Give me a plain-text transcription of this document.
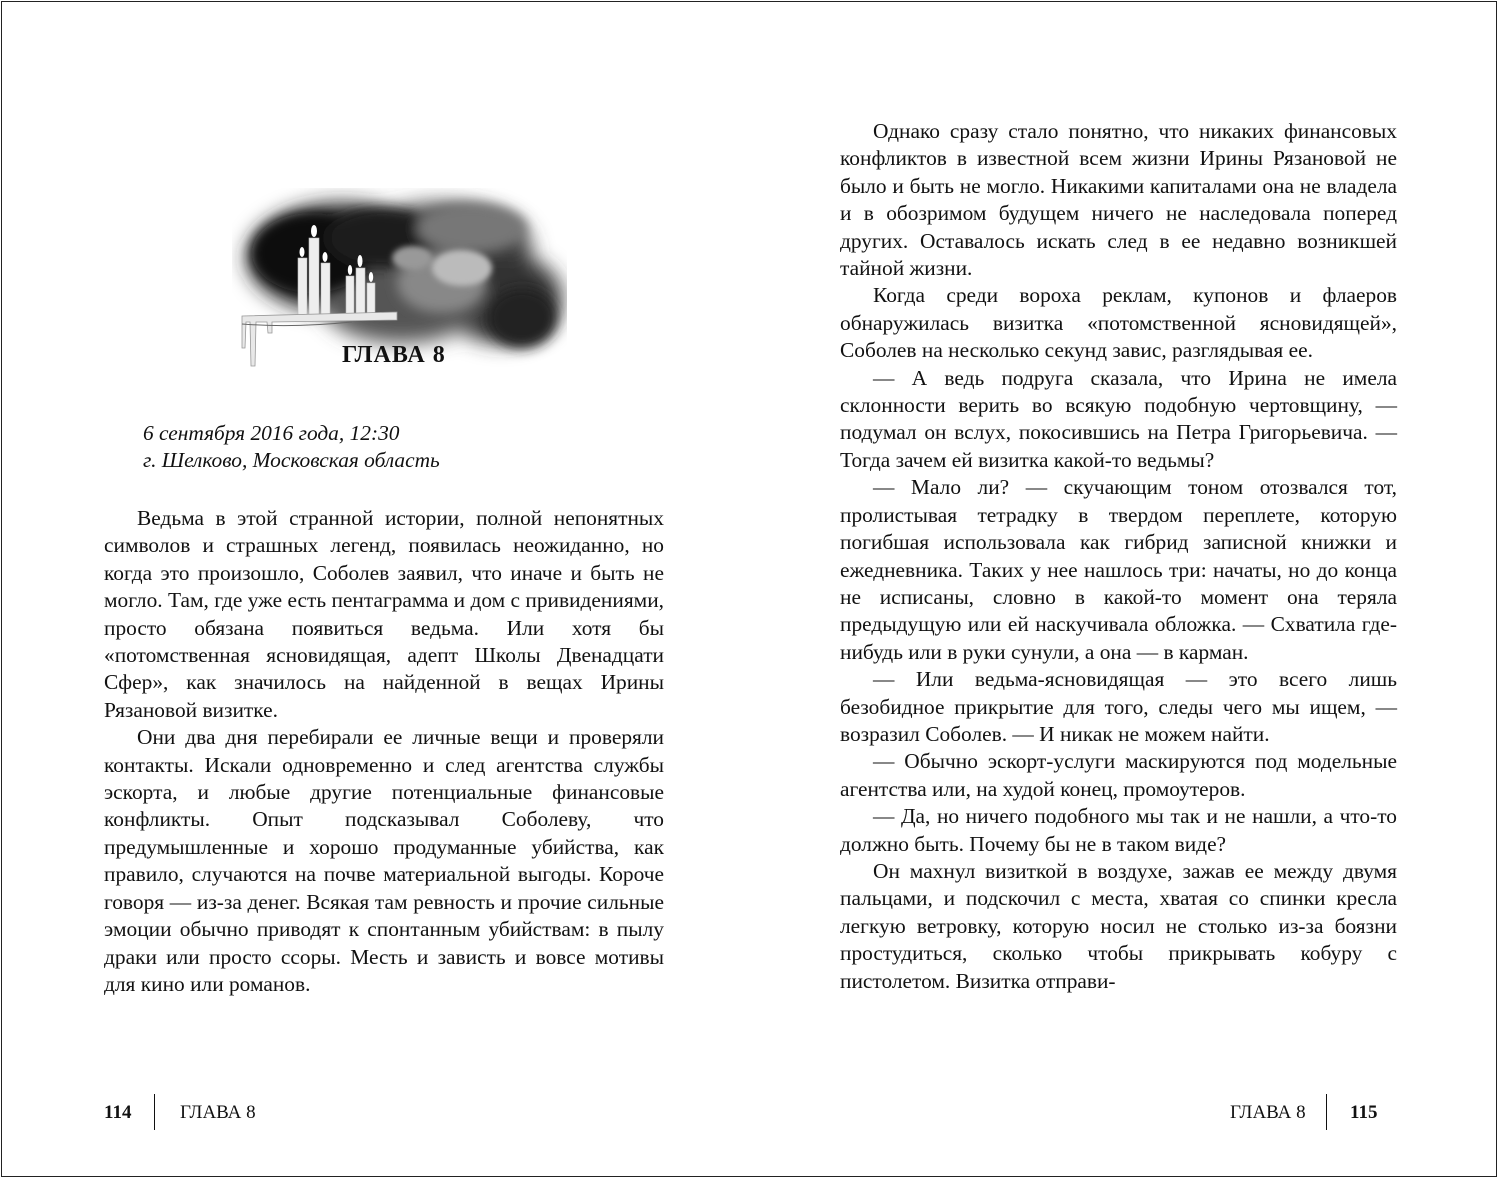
ГЛАВА 8
6 сентября 2016 года, 12:30
г. Шелково, Московская область

Ведьма в этой странной истории, полной непонятных символов и страшных легенд, появилась неожиданно, но когда это произошло, Соболев заявил, что иначе и быть не могло. Там, где уже есть пентаграмма и дом с привидениями, просто обязана появиться ведьма. Или хотя бы «потомственная ясновидящая, адепт Школы Двенадцати Сфер», как значилось на найденной в вещах Ирины Рязановой визитке.

Они два дня перебирали ее личные вещи и проверяли контакты. Искали одновременно и след агентства службы эскорта, и любые другие потенциальные финансовые конфликты. Опыт подсказывал Соболеву, что предумышленные и хорошо продуманные убийства, как правило, случаются на почве материальной выгоды. Короче говоря — из-за денег. Всякая там ревность и прочие сильные эмоции обычно приводят к спонтанным убийствам: в пылу драки или просто ссоры. Месть и зависть и вовсе мотивы для кино или романов.

114	ГЛАВА 8

Однако сразу стало понятно, что никаких финансовых конфликтов в известной всем жизни Ирины Рязановой не было и быть не могло. Никакими капиталами она не владела и в обозримом будущем ничего не наследовала поперед других. Оставалось искать след в ее недавно возникшей тайной жизни.

Когда среди вороха реклам, купонов и флаеров обнаружилась визитка «потомственной ясновидящей», Соболев на несколько секунд завис, разглядывая ее.

— А ведь подруга сказала, что Ирина не имела склонности верить во всякую подобную чертовщину, — подумал он вслух, покосившись на Петра Григорьевича. — Тогда зачем ей визитка какой-то ведьмы?

— Мало ли? — скучающим тоном отозвался тот, пролистывая тетрадку в твердом переплете, которую погибшая использовала как гибрид записной книжки и ежедневника. Таких у нее нашлось три: начаты, но до конца не исписаны, словно в какой-то момент она теряла предыдущую или ей наскучивала обложка. — Схватила где-нибудь или в руки сунули, а она — в карман.

— Или ведьма-ясновидящая — это всего лишь безобидное прикрытие для того, следы чего мы ищем, — возразил Соболев. — И никак не можем найти.

— Обычно эскорт-услуги маскируются под модельные агентства или, на худой конец, промоутеров.

— Да, но ничего подобного мы так и не нашли, а что-то должно быть. Почему бы не в таком виде?

Он махнул визиткой в воздухе, зажав ее между двумя пальцами, и подскочил с места, хватая со спинки кресла легкую ветровку, которую носил не столько из-за боязни простудиться, сколько чтобы прикрывать кобуру с пистолетом. Визитка отправи-

ГЛАВА 8 115
